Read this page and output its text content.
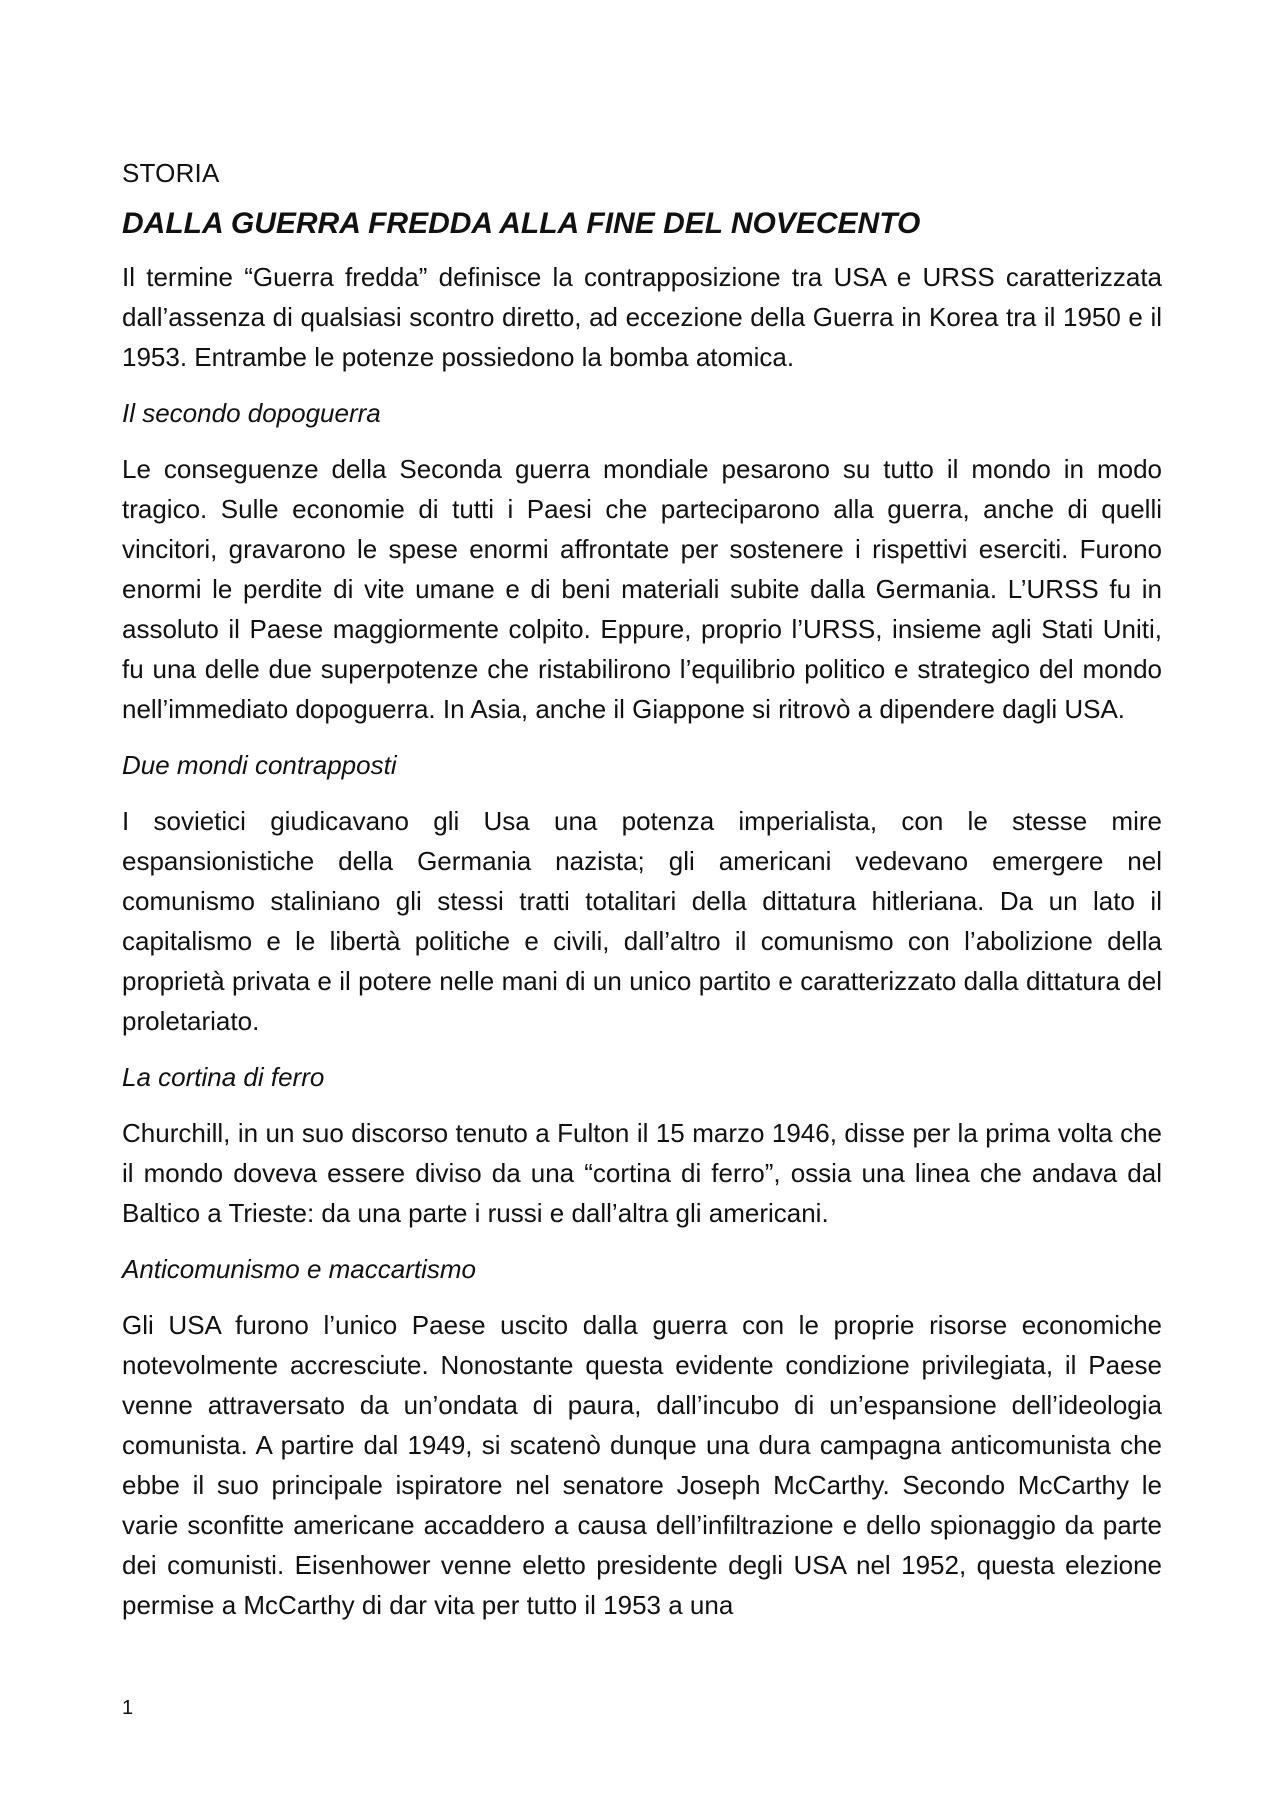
STORIA
DALLA GUERRA FREDDA ALLA FINE DEL NOVECENTO

Il termine “Guerra fredda” definisce la contrapposizione tra USA e URSS caratterizzata dall’assenza di qualsiasi scontro diretto, ad eccezione della Guerra in Korea tra il 1950 e il 1953. Entrambe le potenze possiedono la bomba atomica.

Il secondo dopoguerra

Le conseguenze della Seconda guerra mondiale pesarono su tutto il mondo in modo tragico. Sulle economie di tutti i Paesi che parteciparono alla guerra, anche di quelli vincitori, gravarono le spese enormi affrontate per sostenere i rispettivi eserciti. Furono enormi le perdite di vite umane e di beni materiali subite dalla Germania. L’URSS fu in assoluto il Paese maggiormente colpito. Eppure, proprio l’URSS, insieme agli Stati Uniti, fu una delle due superpotenze che ristabilirono l’equilibrio politico e strategico del mondo nell’immediato dopoguerra. In Asia, anche il Giappone si ritrovò a dipendere dagli USA.

Due mondi contrapposti

I sovietici giudicavano gli Usa una potenza imperialista, con le stesse mire espansionistiche della Germania nazista; gli americani vedevano emergere nel comunismo staliniano gli stessi tratti totalitari della dittatura hitleriana. Da un lato il capitalismo e le libertà politiche e civili, dall’altro il comunismo con l’abolizione della proprietà privata e il potere nelle mani di un unico partito e caratterizzato dalla dittatura del proletariato.

La cortina di ferro

Churchill, in un suo discorso tenuto a Fulton il 15 marzo 1946, disse per la prima volta che il mondo doveva essere diviso da una “cortina di ferro”, ossia una linea che andava dal Baltico a Trieste: da una parte i russi e dall’altra gli americani.

Anticomunismo e maccartismo

Gli USA furono l’unico Paese uscito dalla guerra con le proprie risorse economiche notevolmente accresciute. Nonostante questa evidente condizione privilegiata, il Paese venne attraversato da un’ondata di paura, dall’incubo di un’espansione dell’ideologia comunista. A partire dal 1949, si scatenò dunque una dura campagna anticomunista che ebbe il suo principale ispiratore nel senatore Joseph McCarthy. Secondo McCarthy le varie sconfitte americane accaddero a causa dell’infiltrazione e dello spionaggio da parte dei comunisti. Eisenhower venne eletto presidente degli USA nel 1952, questa elezione permise a McCarthy di dar vita per tutto il 1953 a una

1
